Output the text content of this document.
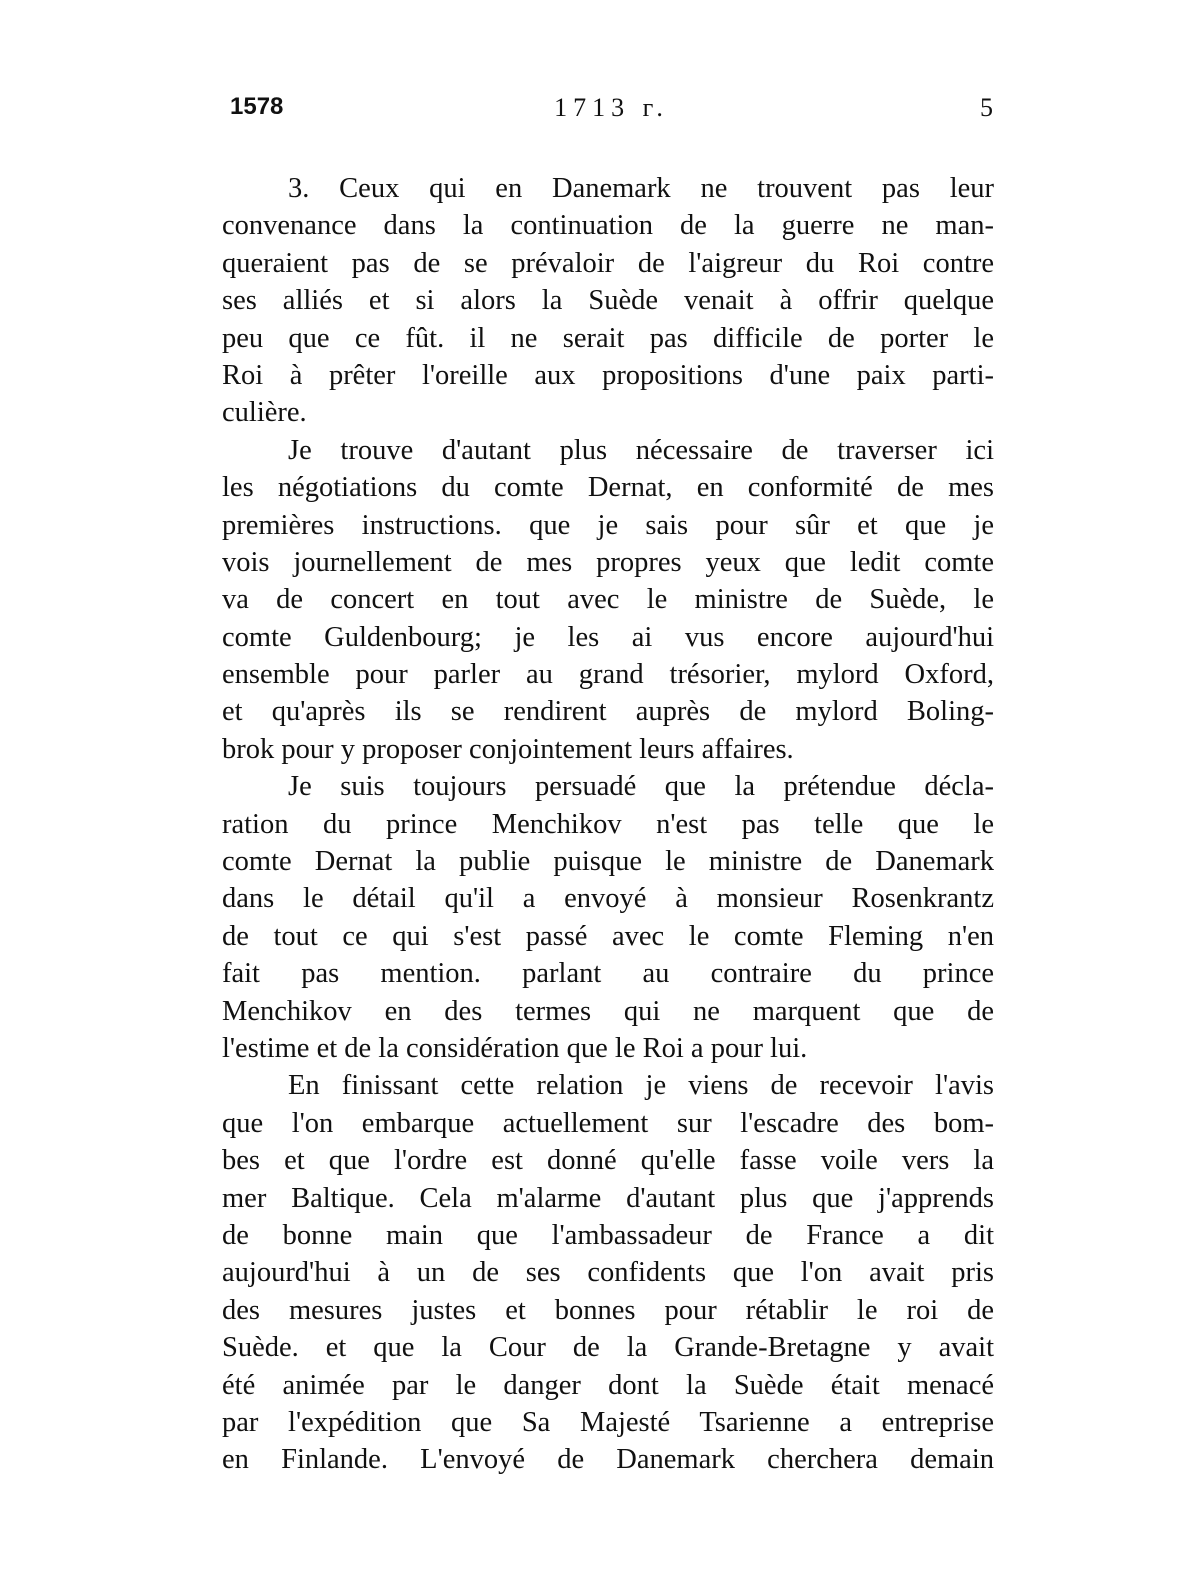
1578	1713 г.	5
3. Ceux qui en Danemark ne trouvent pas leur
convenance dans la continuation de la guerre ne man-
queraient pas de se prévaloir de l'aigreur du Roi contre
ses alliés et si alors la Suède venait à offrir quelque
peu que ce fût. il ne serait pas difficile de porter le
Roi à prêter l'oreille aux propositions d'une paix parti-
culière.
Je trouve d'autant plus nécessaire de traverser ici
les négotiations du comte Dernat, en conformité de mes
premières instructions. que je sais pour sûr et que je
vois journellement de mes propres yeux que ledit comte
va de concert en tout avec le ministre de Suède, le
comte Guldenbourg; je les ai vus encore aujourd'hui
ensemble pour parler au grand trésorier, mylord Oxford,
et qu'après ils se rendirent auprès de mylord Boling-
brok pour y proposer conjointement leurs affaires.
Je suis toujours persuadé que la prétendue décla-
ration du prince Menchikov n'est pas telle que le
comte Dernat la publie puisque le ministre de Danemark
dans le détail qu'il a envoyé à monsieur Rosenkrantz
de tout ce qui s'est passé avec le comte Fleming n'en
fait pas mention. parlant au contraire du prince
Menchikov en des termes qui ne marquent que de
l'estime et de la considération que le Roi a pour lui.
En finissant cette relation je viens de recevoir l'avis
que l'on embarque actuellement sur l'escadre des bom-
bes et que l'ordre est donné qu'elle fasse voile vers la
mer Baltique. Cela m'alarme d'autant plus que j'apprends
de bonne main que l'ambassadeur de France a dit
aujourd'hui à un de ses confidents que l'on avait pris
des mesures justes et bonnes pour rétablir le roi de
Suède. et que la Cour de la Grande-Bretagne y avait
été animée par le danger dont la Suède était menacé
par l'expédition que Sa Majesté Tsarienne a entreprise
en Finlande. L'envoyé de Danemark cherchera demain
